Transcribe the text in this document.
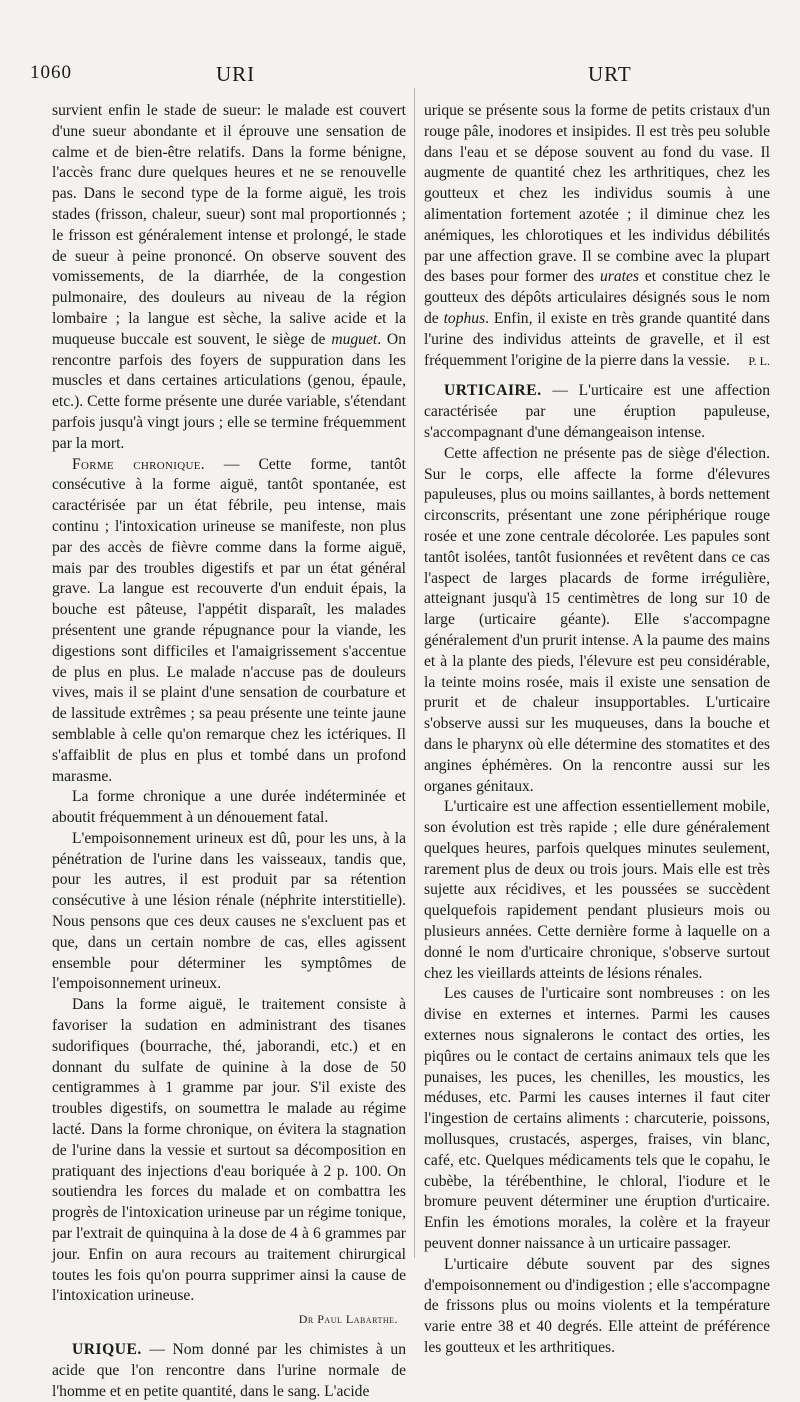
1060	URI	URT

survient enfin le stade de sueur: le malade est couvert d'une sueur abondante et il éprouve une sensation de calme et de bien-être relatifs. Dans la forme bénigne, l'accès franc dure quelques heures et ne se renouvelle pas. Dans le second type de la forme aiguë, les trois stades (frisson, chaleur, sueur) sont mal proportionnés ; le frisson est généralement intense et prolongé, le stade de sueur à peine prononcé. On observe souvent des vomissements, de la diarrhée, de la congestion pulmonaire, des douleurs au niveau de la région lombaire ; la langue est sèche, la salive acide et la muqueuse buccale est souvent, le siège de muguet. On rencontre parfois des foyers de suppuration dans les muscles et dans certaines articulations (genou, épaule, etc.). Cette forme présente une durée variable, s'étendant parfois jusqu'à vingt jours ; elle se termine fréquemment par la mort.

Forme chronique. — Cette forme, tantôt consécutive à la forme aiguë, tantôt spontanée, est caractérisée par un état fébrile, peu intense, mais continu ; l'intoxication urineuse se manifeste, non plus par des accès de fièvre comme dans la forme aiguë, mais par des troubles digestifs et par un état général grave. La langue est recouverte d'un enduit épais, la bouche est pâteuse, l'appétit disparaît, les malades présentent une grande répugnance pour la viande, les digestions sont difficiles et l'amaigrissement s'accentue de plus en plus. Le malade n'accuse pas de douleurs vives, mais il se plaint d'une sensation de courbature et de lassitude extrêmes ; sa peau présente une teinte jaune semblable à celle qu'on remarque chez les ictériques. Il s'affaiblit de plus en plus et tombé dans un profond marasme.

La forme chronique a une durée indéterminée et aboutit fréquemment à un dénouement fatal.

L'empoisonnement urineux est dû, pour les uns, à la pénétration de l'urine dans les vaisseaux, tandis que, pour les autres, il est produit par sa rétention consécutive à une lésion rénale (néphrite interstitielle). Nous pensons que ces deux causes ne s'excluent pas et que, dans un certain nombre de cas, elles agissent ensemble pour déterminer les symptômes de l'empoisonnement urineux.

Dans la forme aiguë, le traitement consiste à favoriser la sudation en administrant des tisanes sudorifiques (bourrache, thé, jaborandi, etc.) et en donnant du sulfate de quinine à la dose de 50 centigrammes à 1 gramme par jour. S'il existe des troubles digestifs, on soumettra le malade au régime lacté. Dans la forme chronique, on évitera la stagnation de l'urine dans la vessie et surtout sa décomposition en pratiquant des injections d'eau boriquée à 2 p. 100. On soutiendra les forces du malade et on combattra les progrès de l'intoxication urineuse par un régime tonique, par l'extrait de quinquina à la dose de 4 à 6 grammes par jour. Enfin on aura recours au traitement chirurgical toutes les fois qu'on pourra supprimer ainsi la cause de l'intoxication urineuse.

Dr Paul Labarthe.

URIQUE. — Nom donné par les chimistes à un acide que l'on rencontre dans l'urine normale de l'homme et en petite quantité, dans le sang. L'acide

urique se présente sous la forme de petits cristaux d'un rouge pâle, inodores et insipides. Il est très peu soluble dans l'eau et se dépose souvent au fond du vase. Il augmente de quantité chez les arthritiques, chez les goutteux et chez les individus soumis à une alimentation fortement azotée ; il diminue chez les anémiques, les chlorotiques et les individus débilités par une affection grave. Il se combine avec la plupart des bases pour former des urates et constitue chez le goutteux des dépôts articulaires désignés sous le nom de tophus. Enfin, il existe en très grande quantité dans l'urine des individus atteints de gravelle, et il est fréquemment l'origine de la pierre dans la vessie. P. L.

URTICAIRE. — L'urticaire est une affection caractérisée par une éruption papuleuse, s'accompagnant d'une démangeaison intense.

Cette affection ne présente pas de siège d'élection. Sur le corps, elle affecte la forme d'élevures papuleuses, plus ou moins saillantes, à bords nettement circonscrits, présentant une zone périphérique rouge rosée et une zone centrale décolorée. Les papules sont tantôt isolées, tantôt fusionnées et revêtent dans ce cas l'aspect de larges placards de forme irrégulière, atteignant jusqu'à 15 centimètres de long sur 10 de large (urticaire géante). Elle s'accompagne généralement d'un prurit intense. A la paume des mains et à la plante des pieds, l'élevure est peu considérable, la teinte moins rosée, mais il existe une sensation de prurit et de chaleur insupportables. L'urticaire s'observe aussi sur les muqueuses, dans la bouche et dans le pharynx où elle détermine des stomatites et des angines éphémères. On la rencontre aussi sur les organes génitaux.

L'urticaire est une affection essentiellement mobile, son évolution est très rapide ; elle dure généralement quelques heures, parfois quelques minutes seulement, rarement plus de deux ou trois jours. Mais elle est très sujette aux récidives, et les poussées se succèdent quelquefois rapidement pendant plusieurs mois ou plusieurs années. Cette dernière forme à laquelle on a donné le nom d'urticaire chronique, s'observe surtout chez les vieillards atteints de lésions rénales.

Les causes de l'urticaire sont nombreuses : on les divise en externes et internes. Parmi les causes externes nous signalerons le contact des orties, les piqûres ou le contact de certains animaux tels que les punaises, les puces, les chenilles, les moustics, les méduses, etc. Parmi les causes internes il faut citer l'ingestion de certains aliments : charcuterie, poissons, mollusques, crustacés, asperges, fraises, vin blanc, café, etc. Quelques médicaments tels que le copahu, le cubèbe, la térébenthine, le chloral, l'iodure et le bromure peuvent déterminer une éruption d'urticaire. Enfin les émotions morales, la colère et la frayeur peuvent donner naissance à un urticaire passager.

L'urticaire débute souvent par des signes d'empoisonnement ou d'indigestion ; elle s'accompagne de frissons plus ou moins violents et la température varie entre 38 et 40 degrés. Elle atteint de préférence les goutteux et les arthritiques.
